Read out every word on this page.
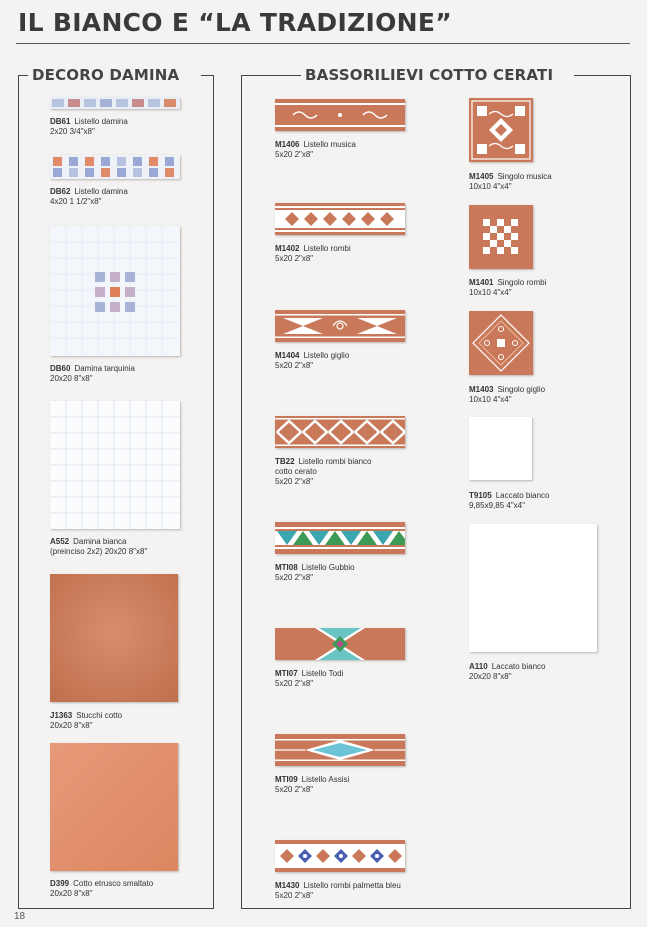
IL BIANCO E “LA TRADIZIONE”
DECORO DAMINA	BASSORILIEVI COTTO CERATI
DB61 Listello damina
2x20 3/4"x8"
DB62 Listello damina
4x20 1 1/2"x8"
DB60 Damina tarquinia
20x20 8"x8"
A552 Damina bianca
(preinciso 2x2) 20x20 8"x8"
J1363 Stucchi cotto
20x20 8"x8"
D399 Cotto etrusco smaltato
20x20 8"x8"
M1406 Listello musica
5x20 2"x8"
M1402 Listello rombi
5x20 2"x8"
M1404 Listello giglio
5x20 2"x8"
TB22 Listello rombi bianco
cotto cerato
5x20 2"x8"
MTI08 Listello Gubbio
5x20 2"x8"
MTI07 Listello Todi
5x20 2"x8"
MTI09 Listello Assisi
5x20 2"x8"
M1430 Listello rombi palmetta bleu
5x20 2"x8"
M1405 Singolo musica
10x10 4"x4"
M1401 Singolo rombi
10x10 4"x4"
M1403 Singolo giglio
10x10 4"x4"
T9105 Laccato bianco
9,85x9,85 4"x4"
A110 Laccato bianco
20x20 8"x8"
18
